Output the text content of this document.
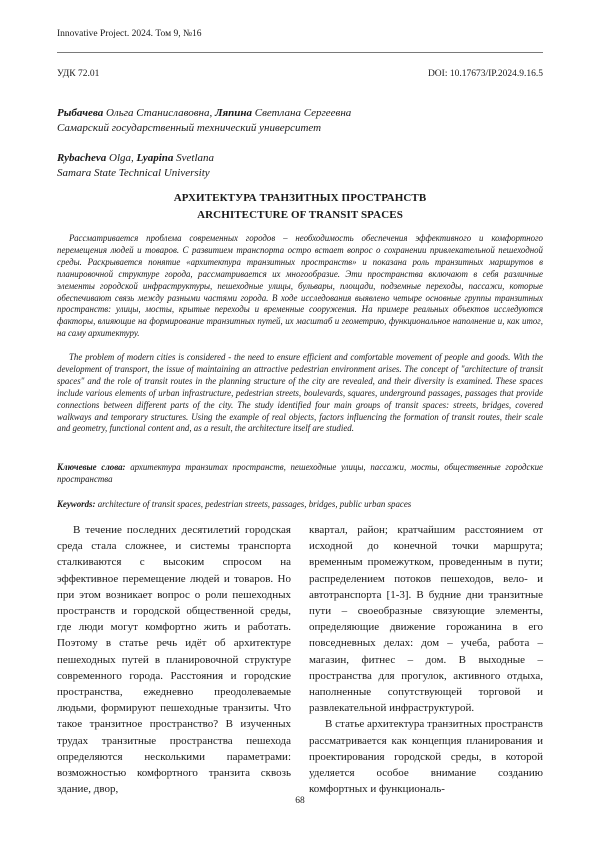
Innovative Project. 2024. Том 9, №16
УДК 72.01	DOI: 10.17673/IP.2024.9.16.5
Рыбачева Ольга Станиславовна, Ляпина Светлана Сергеевна
Самарский государственный технический университет
Rybacheva Olga, Lyapina Svetlana
Samara State Technical University
АРХИТЕКТУРА ТРАНЗИТНЫХ ПРОСТРАНСТВ
ARCHITECTURE OF TRANSIT SPACES
Рассматривается проблема современных городов – необходимость обеспечения эффективного и комфортного перемещения людей и товаров. С развитием транспорта остро встает вопрос о сохранении привлекательной пешеходной среды. Раскрывается понятие «архитектура транзитных пространств» и показана роль транзитных маршрутов в планировочной структуре города, рассматривается их многообразие. Эти пространства включают в себя различные элементы городской инфраструктуры, пешеходные улицы, бульвары, площади, подземные переходы, пассажи, которые обеспечивают связь между разными частями города. В ходе исследования выявлено четыре основные группы транзитных пространств: улицы, мосты, крытые переходы и временные сооружения. На примере реальных объектов исследуются факторы, влияющие на формирование транзитных путей, их масштаб и геометрию, функциональное наполнение и, как итог, на саму архитектуру.
The problem of modern cities is considered - the need to ensure efficient and comfortable movement of people and goods. With the development of transport, the issue of maintaining an attractive pedestrian environment arises. The concept of "architecture of transit spaces" and the role of transit routes in the planning structure of the city are revealed, and their diversity is examined. These spaces include various elements of urban infrastructure, pedestrian streets, boulevards, squares, underground passages, passages that provide connections between different parts of the city. The study identified four main groups of transit spaces: streets, bridges, covered walkways and temporary structures. Using the example of real objects, factors influencing the formation of transit routes, their scale and geometry, functional content and, as a result, the architecture itself are studied.
Ключевые слова: архитектура транзитах пространств, пешеходные улицы, пассажи, мосты, общественные городские пространства
Keywords: architecture of transit spaces, pedestrian streets, passages, bridges, public urban spaces
В течение последних десятилетий городская среда стала сложнее, и системы транспорта сталкиваются с высоким спросом на эффективное перемещение людей и товаров. Но при этом возникает вопрос о роли пешеходных пространств и городской общественной среды, где люди могут комфортно жить и работать. Поэтому в статье речь идёт об архитектуре пешеходных путей в планировочной структуре современного города. Расстояния и городские пространства, ежедневно преодолеваемые людьми, формируют пешеходные транзиты. Что такое транзитное пространство? В изученных трудах транзитные пространства пешехода определяются несколькими параметрами: возможностью комфортного транзита сквозь здание, двор,
квартал, район; кратчайшим расстоянием от исходной до конечной точки маршрута; временным промежутком, проведенным в пути; распределением потоков пешеходов, вело- и автотранспорта [1-3]. В будние дни транзитные пути – своеобразные связующие элементы, определяющие движение горожанина в его повседневных делах: дом – учеба, работа – магазин, фитнес – дом. В выходные – пространства для прогулок, активного отдыха, наполненные сопутствующей торговой и развлекательной инфраструктурой.
В статье архитектура транзитных пространств рассматривается как концепция планирования и проектирования городской среды, в которой уделяется особое внимание созданию комфортных и функциональ-
68
